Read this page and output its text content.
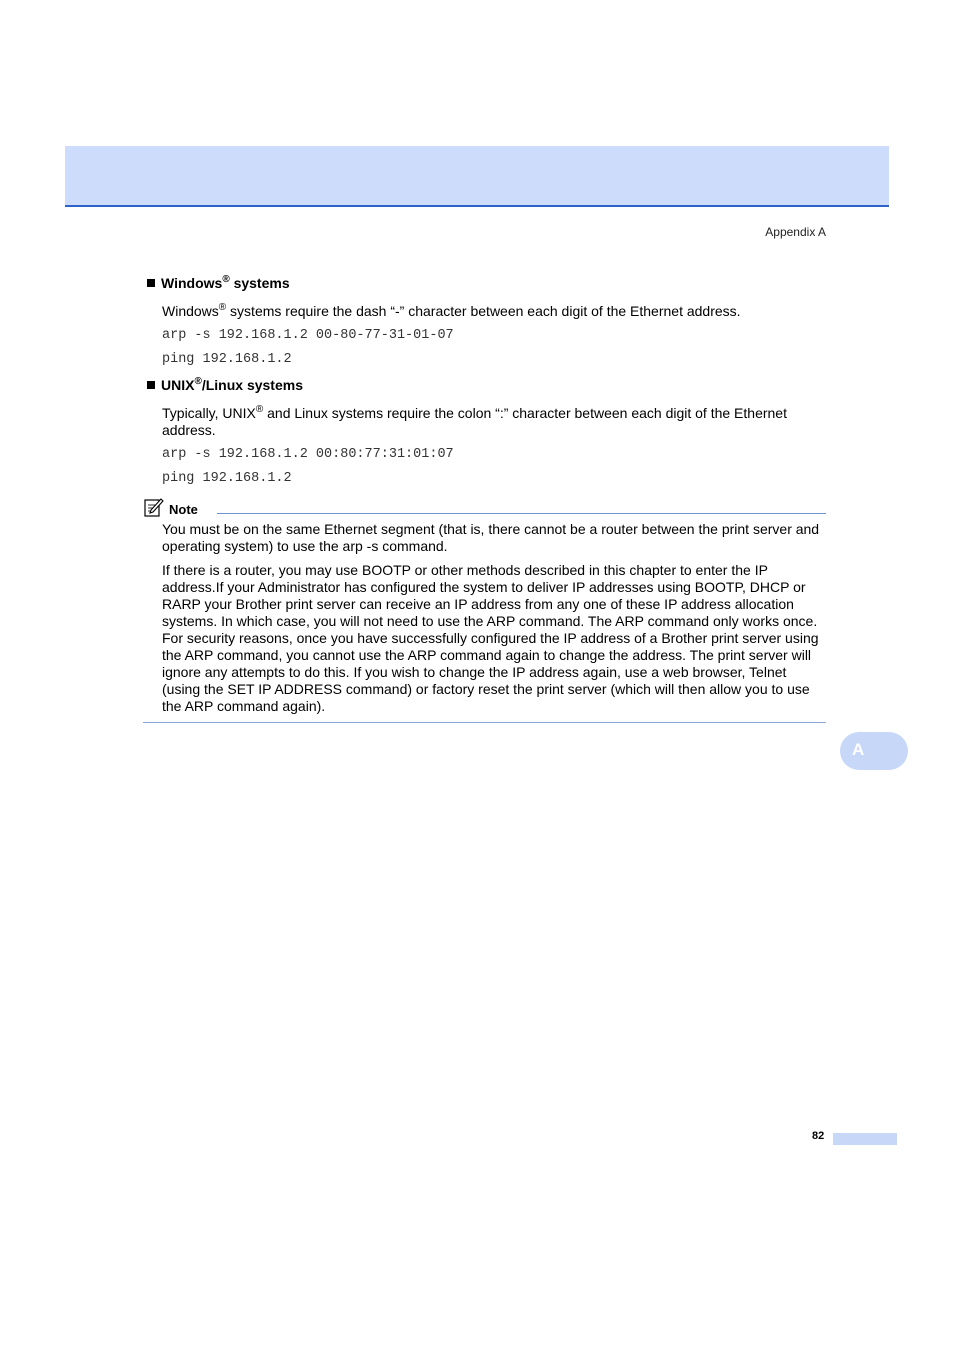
Appendix A
Windows® systems
Windows® systems require the dash “-” character between each digit of the Ethernet address.
arp -s 192.168.1.2 00-80-77-31-01-07
ping 192.168.1.2
UNIX®/Linux systems
Typically, UNIX® and Linux systems require the colon “:” character between each digit of the Ethernet address.
arp -s 192.168.1.2 00:80:77:31:01:07
ping 192.168.1.2
Note
You must be on the same Ethernet segment (that is, there cannot be a router between the print server and operating system) to use the arp -s command.
If there is a router, you may use BOOTP or other methods described in this chapter to enter the IP address.If your Administrator has configured the system to deliver IP addresses using BOOTP, DHCP or RARP your Brother print server can receive an IP address from any one of these IP address allocation systems. In which case, you will not need to use the ARP command. The ARP command only works once. For security reasons, once you have successfully configured the IP address of a Brother print server using the ARP command, you cannot use the ARP command again to change the address. The print server will ignore any attempts to do this. If you wish to change the IP address again, use a web browser, Telnet (using the SET IP ADDRESS command) or factory reset the print server (which will then allow you to use the ARP command again).
A
82
